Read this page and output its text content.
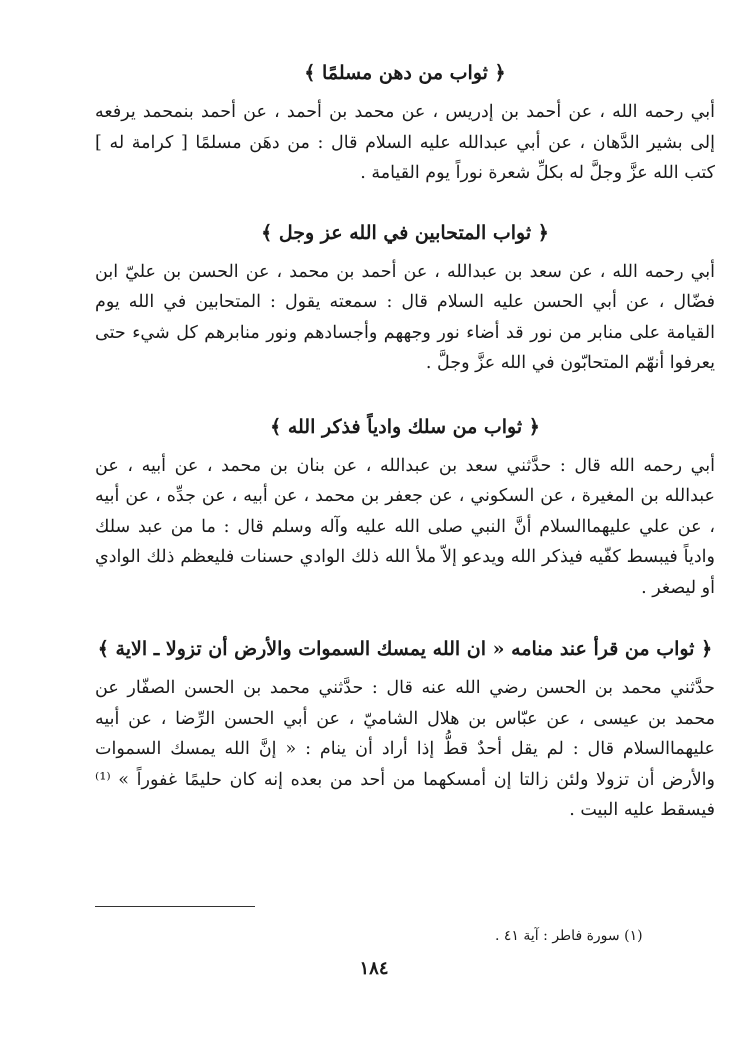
﴿ ثواب من دهن مسلمًا ﴾

أبي رحمه الله ، عن أحمد بن إدريس ، عن محمد بن أحمد ، عن أحمد بنمحمد يرفعه إلى بشير الدَّهان ، عن أبي عبدالله عليه السلام قال : من دهَن مسلمًا [ كرامة له ] كتب الله عزَّ وجلَّ له بكلِّ شعرة نوراً يوم القيامة .

﴿ ثواب المتحابين في الله عز وجل ﴾

أبي رحمه الله ، عن سعد بن عبدالله ، عن أحمد بن محمد ، عن الحسن بن عليّ ابن فضّال ، عن أبي الحسن عليه السلام قال : سمعته يقول : المتحابين في الله يوم القيامة على منابر من نور قد أضاء نور وجههم وأجسادهم ونور منابرهم كل شيء حتى يعرفوا أنهّم المتحابّون في الله عزَّ وجلَّ .

﴿ ثواب من سلك وادياً فذكر الله ﴾

أبي رحمه الله قال : حدَّثني سعد بن عبدالله ، عن بنان بن محمد ، عن أبيه ، عن عبدالله بن المغيرة ، عن السكوني ، عن جعفر بن محمد ، عن أبيه ، عن جدِّه ، عن أبيه ، عن علي عليهماالسلام أنَّ النبي صلى الله عليه وآله وسلم قال : ما من عبد سلك وادياً فيبسط كفّيه فيذكر الله ويدعو إلاّ ملأ الله ذلك الوادي حسنات فليعظم ذلك الوادي أو ليصغر .

﴿ ثواب من قرأ عند منامه « ان الله يمسك السموات والأرض أن تزولا ـ الاية ﴾

حدَّثني محمد بن الحسن رضي الله عنه قال : حدَّثني محمد بن الحسن الصفّار عن محمد بن عيسى ، عن عبّاس بن هلال الشاميّ ، عن أبي الحسن الرِّضا ، عن أبيه عليهماالسلام قال : لم يقل أحدٌ قطُّ إذا أراد أن ينام : « إنَّ الله يمسك السموات والأرض أن تزولا ولئن زالتا إن أمسكهما من أحد من بعده إنه كان حليمًا غفوراً » ⁽¹⁾ فيسقط عليه البيت .

(١) سورة فاطر : آية ٤١ .
١٨٤
